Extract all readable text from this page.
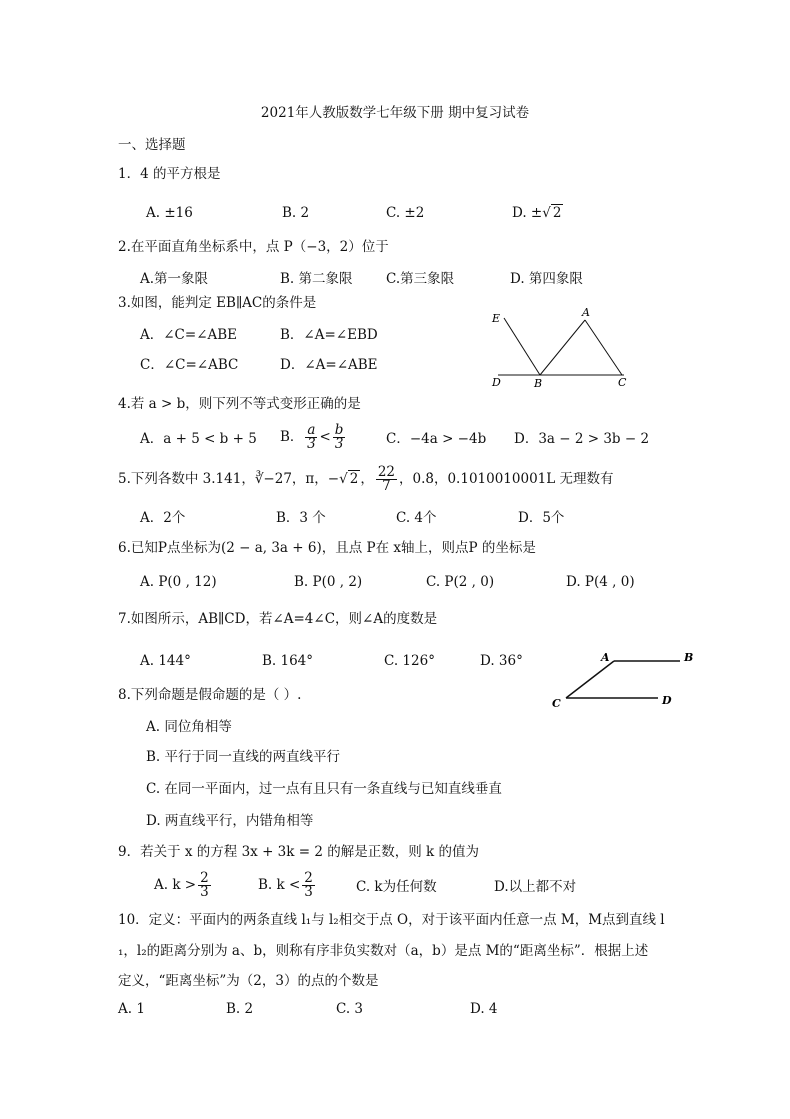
2021年人教版数学七年级下册 期中复习试卷
一、选择题
1．4 的平方根是
A. ±16	B. 2	C. ±2	D. ±√ 2
2.在平面直角坐标系中，点 P（−3，2）位于
A.第一象限	B. 第二象限 C.第三象限	D. 第四象限
3.如图，能判定 EB∥AC的条件是
A．∠C=∠ABE	B．∠A=∠EBD
C．∠C=∠ABC	D．∠A=∠ABE
E	A
D	B	C
4.若 a > b，则下列不等式变形正确的是
A．a + 5 < b + 5 B． $\frac{a}{3} < \frac{b}{3}$	C．−4a > −4b D．3a − 2 > 3b − 2
5.下列各数中 3.141，∛−27，π，−√ 2 ， $\frac{22}{7}$ ，0.8̇，0.1010010001L 无理数有
A．2个	B．3 个	C. 4个	D．5个
6.已知P点坐标为(2 − a, 3a + 6)，且点 P在 x轴上，则点P 的坐标是
A. P(0 , 12)	B. P(0 , 2)	C. P(2 , 0)	D. P(4 , 0)
7.如图所示，AB∥CD，若∠A=4∠C，则∠A的度数是
A. 144°	B. 164°	C. 126°	D. 36°	A	B
C	D
8.下列命题是假命题的是（ ）.
A. 同位角相等
B. 平行于同一直线的两直线平行
C. 在同一平面内，过一点有且只有一条直线与已知直线垂直
D. 两直线平行，内错角相等
9．若关于 x 的方程 3x + 3k = 2 的解是正数，则 k 的值为
A. $k > \frac{2}{3}$	B. $k < \frac{2}{3}$	C. k为任何数	D.以上都不对
10．定义：平面内的两条直线 l₁与 l₂相交于点 O，对于该平面内任意一点 M，M点到直线 l
₁，l₂的距离分别为 a、b，则称有序非负实数对（a，b）是点 M的“距离坐标”．根据上述
定义，“距离坐标”为（2，3）的点的个数是
A. 1	B. 2	C. 3	D. 4
